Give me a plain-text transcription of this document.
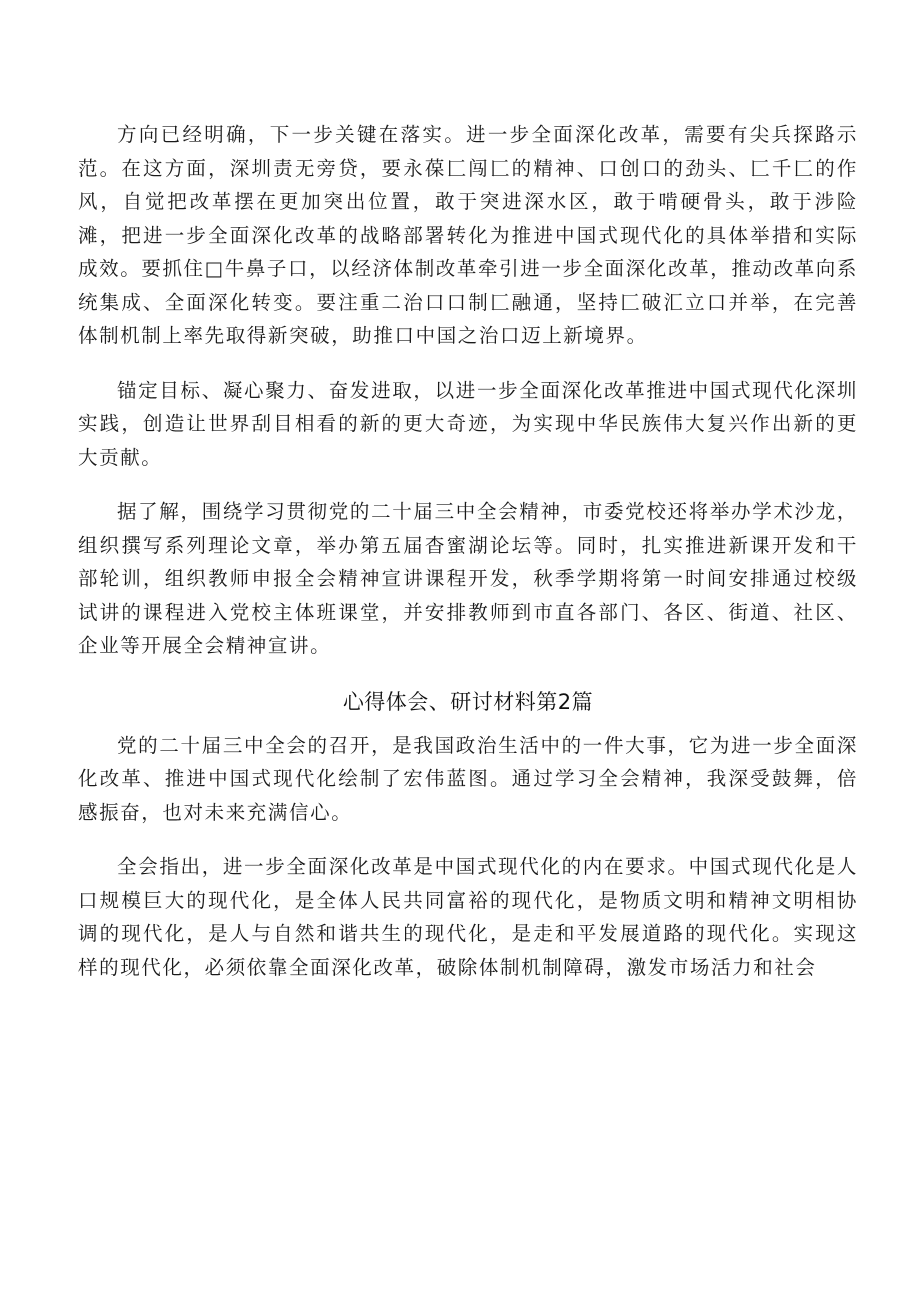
方向已经明确，下一步关键在落实。进一步全面深化改革，需要有尖兵探路示范。在这方面，深圳责无旁贷，要永葆匚闯匚的精神、口创口的劲头、匚千匚的作风，自觉把改革摆在更加突出位置，敢于突进深水区，敢于啃硬骨头，敢于涉险滩，把进一步全面深化改革的战略部署转化为推进中国式现代化的具体举措和实际成效。要抓住□牛鼻子口，以经济体制改革牵引进一步全面深化改革，推动改革向系统集成、全面深化转变。要注重二治口口制匚融通，坚持匚破汇立口并举，在完善体制机制上率先取得新突破，助推口中国之治口迈上新境界。

锚定目标、凝心聚力、奋发进取，以进一步全面深化改革推进中国式现代化深圳实践，创造让世界刮目相看的新的更大奇迹，为实现中华民族伟大复兴作出新的更大贡献。

据了解，围绕学习贯彻党的二十届三中全会精神，市委党校还将举办学术沙龙，组织撰写系列理论文章，举办第五届杳蜜湖论坛等。同时，扎实推进新课开发和干部轮训，组织教师申报全会精神宣讲课程开发，秋季学期将第一时间安排通过校级试讲的课程进入党校主体班课堂，并安排教师到市直各部门、各区、街道、社区、企业等开展全会精神宣讲。

心得体会、研讨材料第2篇

党的二十届三中全会的召开，是我国政治生活中的一件大事，它为进一步全面深化改革、推进中国式现代化绘制了宏伟蓝图。通过学习全会精神，我深受鼓舞，倍感振奋，也对未来充满信心。

全会指出，进一步全面深化改革是中国式现代化的内在要求。中国式现代化是人口规模巨大的现代化，是全体人民共同富裕的现代化，是物质文明和精神文明相协调的现代化，是人与自然和谐共生的现代化，是走和平发展道路的现代化。实现这样的现代化，必须依靠全面深化改革，破除体制机制障碍，激发市场活力和社会
